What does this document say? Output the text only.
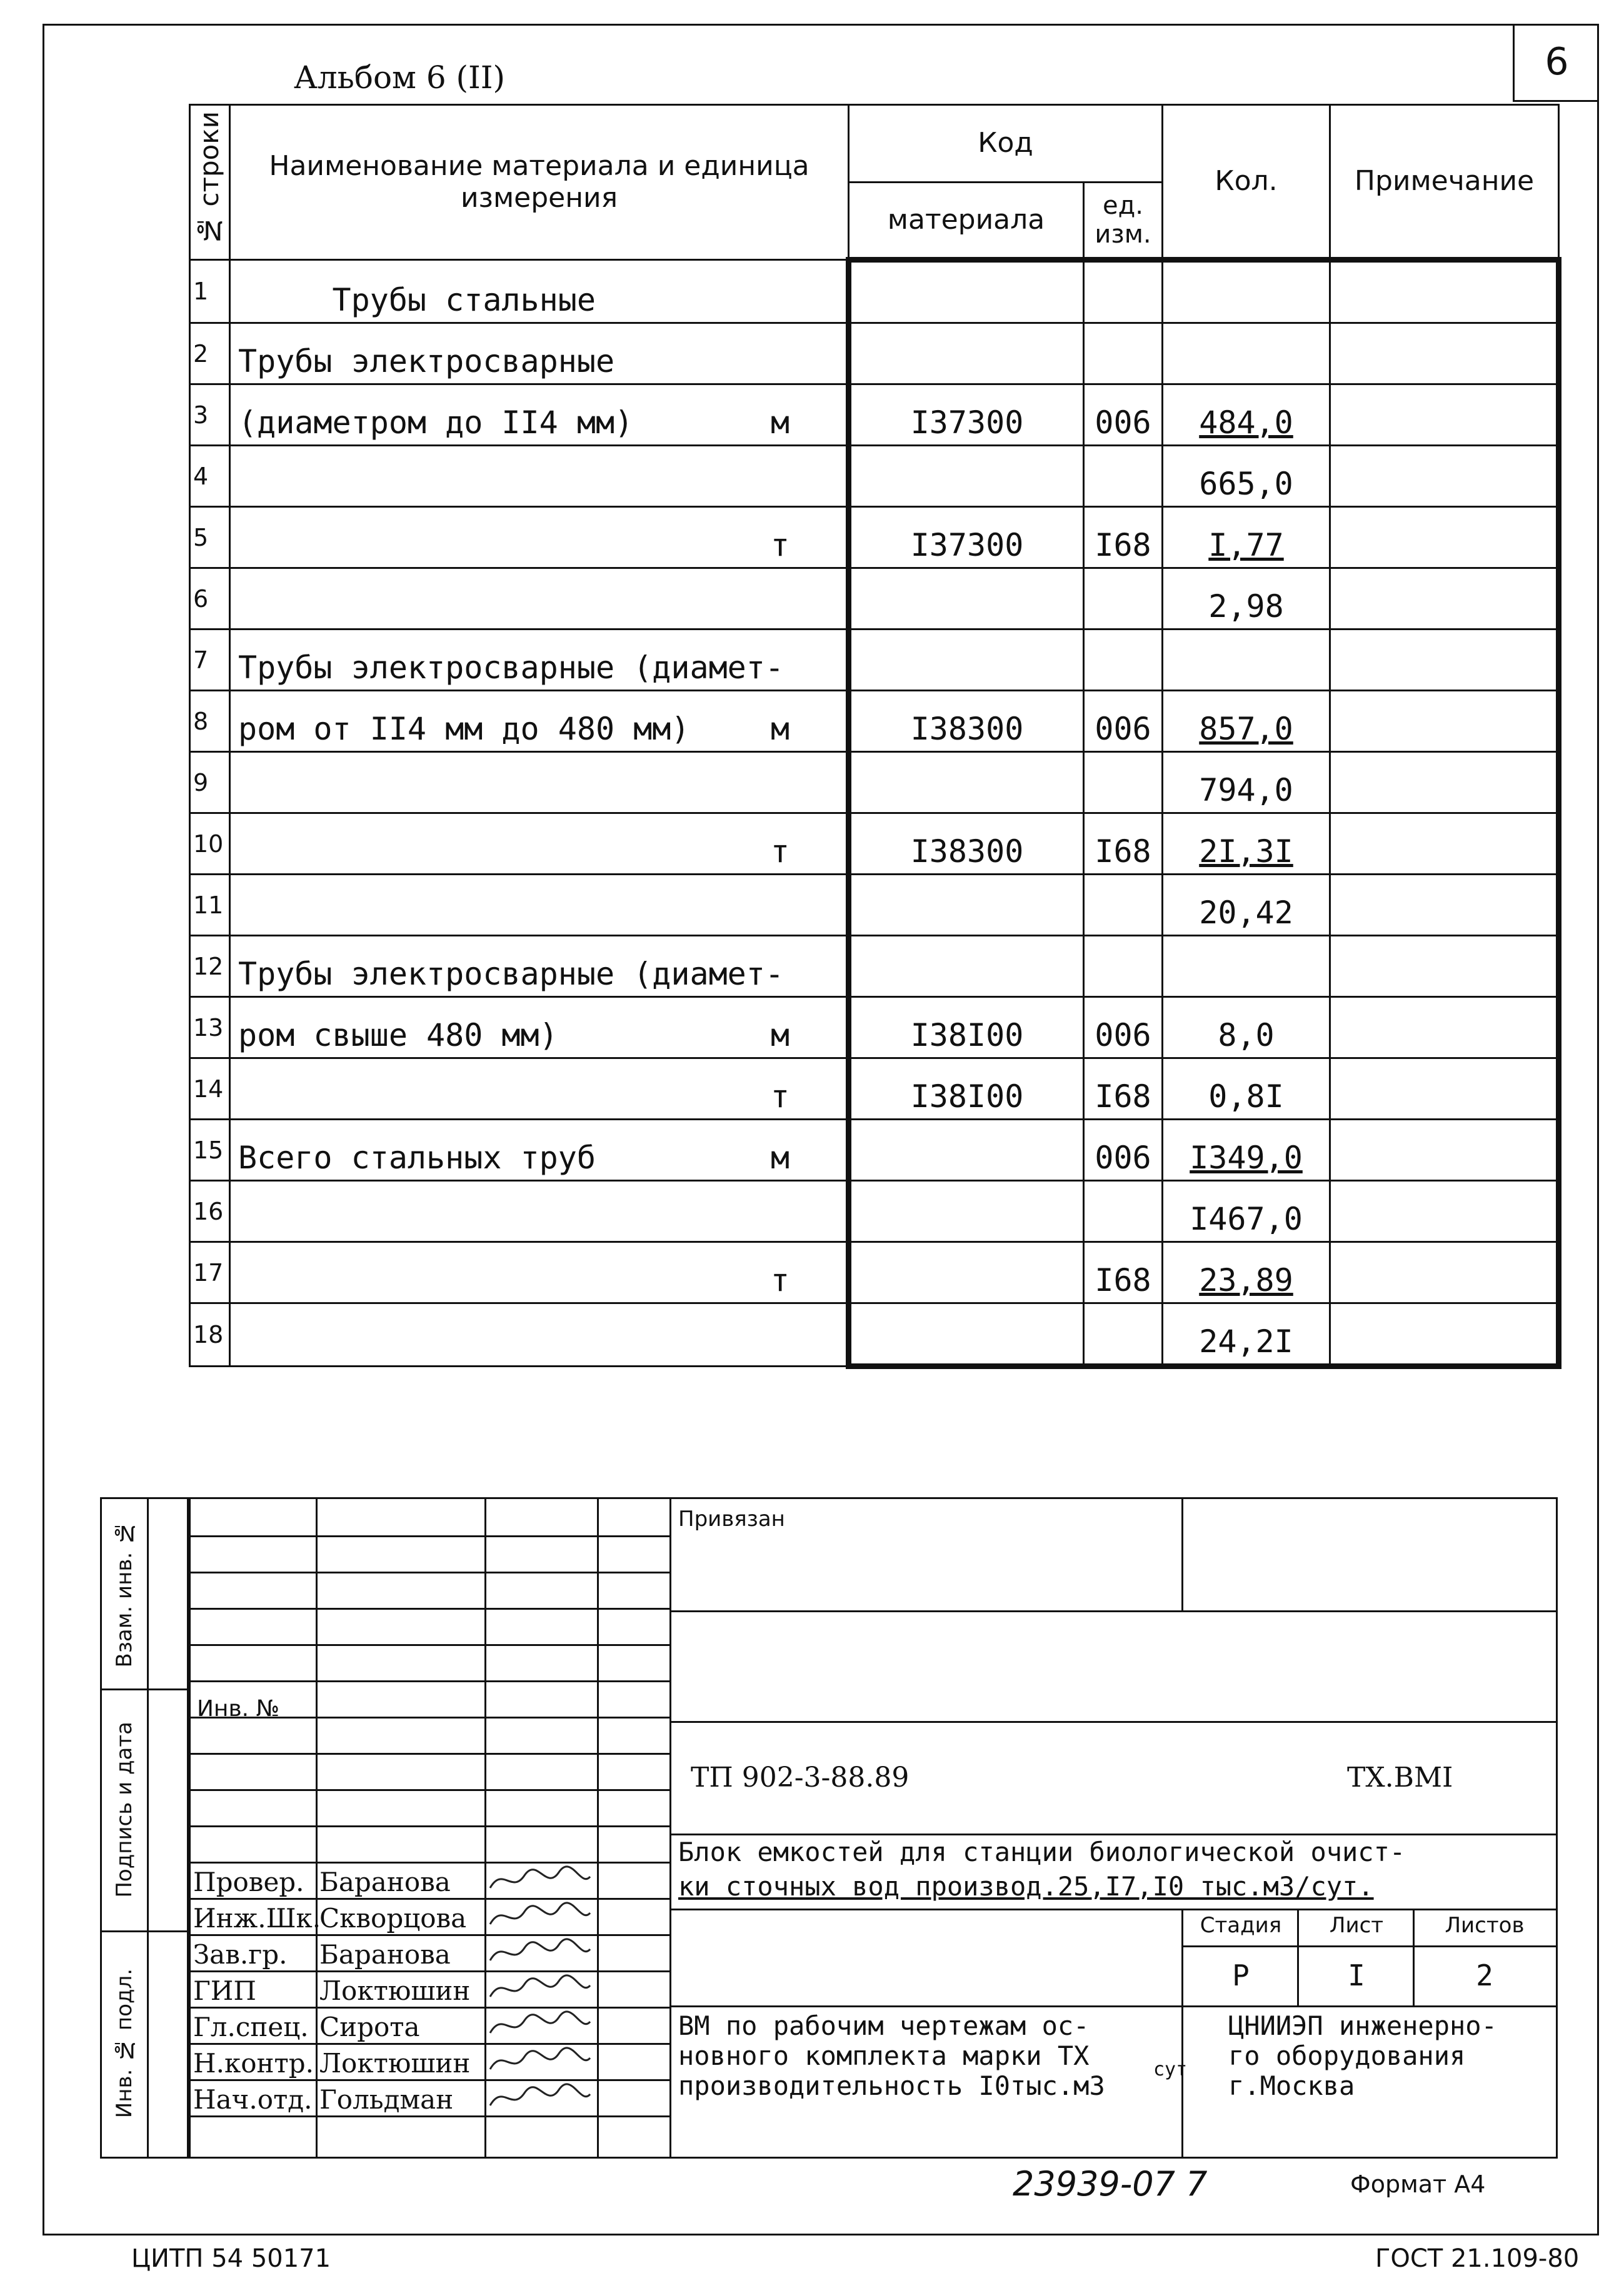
6
Альбом 6 (II)
№ строки	Наименование материала и единица измерения	Код		Кол.	Примечание
		материала	ед. изм.		
1	Трубы стальные

2	Трубы электросварные

3	(диаметром до II4 мм) м	I37300	006	484,0	
4				665,0	
5	т	I37300	I68	I,77	
6				2,98	
7	Трубы электросварные (диамет-

8	ром от II4 мм до 480 мм) м	I38300	006	857,0	
9				794,0	
10	т	I38300	I68	2I,3I	
11				20,42	
12	Трубы электросварные (диамет-

13	ром свыше 480 мм) м	I38I00	006	8,0	
14	т	I38I00	I68	0,8I	
15	Всего стальных труб м		006	I349,0	
16				I467,0	
17	т		I68	23,89	
18				24,2I	
Взам. инв. №
Подпись и дата
Инв. № подл.
Инв. №
Провер. Баранова
Инж.Шк.
Скворцова
Зав.гр. Баранова
ГИП Локтюшин
Гл.спец. Сирота
Н.контр. Локтюшин
Нач.отд. Гольдман
Привязан
ТП 902-3-88.89	ТХ.ВМI
Блок емкостей для станции биологической очист-
ки сточных вод производ.25,I7,I0 тыс.м3/сут.
Стадия	Лист	Листов
Р	I	2
ВМ по рабочим чертежам ос-
новного комплекта марки ТХ
производительность I0тыс.м3
сут
ЦНИИЭП инженерно-
го оборудования
г.Москва
23939-07 7	Формат А4
ЦИТП 54 50171	ГОСТ 21.109-80
